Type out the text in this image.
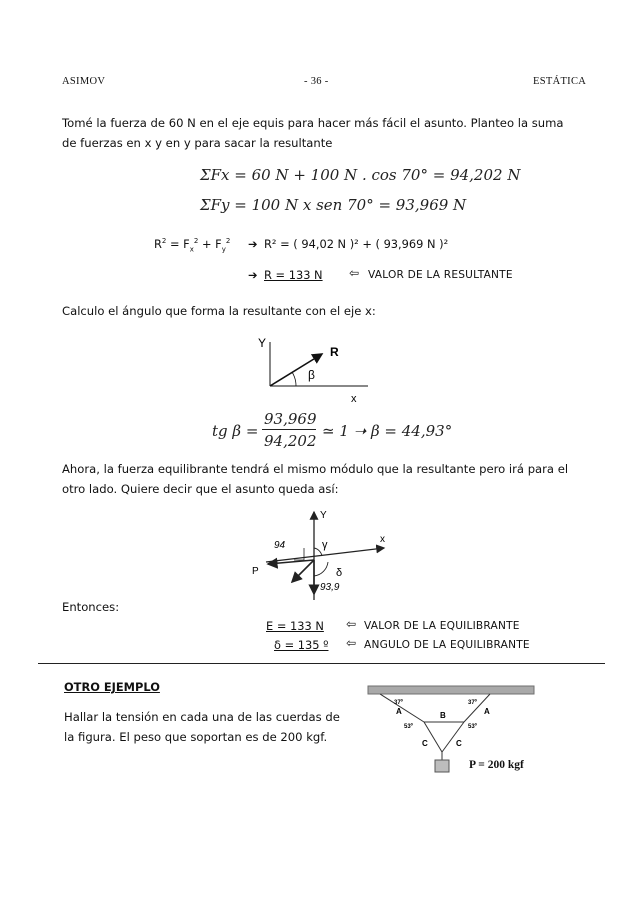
ASIMOV	- 36 -	ESTÁTICA
Tomé la fuerza de 60 N en el eje equis para hacer más fácil el asunto. Planteo la suma de fuerzas en x y en y para sacar la resultante
ΣFx = 60 N + 100 N . cos 70° = 94,202 N
ΣFy = 100 N x sen 70° = 93,969 N
$R^2 = F_x^2 + F_y^2$ ➔ R² = ( 94,02 N )² + ( 93,969 N )²
➔ R = 133 N ⇦ VALOR DE LA RESULTANTE
Calculo el ángulo que forma la resultante con el eje x:
Y
R
β
x
tg β =
93,969
94,202
≃ 1 ➝ β = 44,93°
Ahora, la fuerza equilibrante tendrá el mismo módulo que la resultante pero irá para el otro lado. Quiere decir que el asunto queda así:
Y
x
P
94
93,9
γ
δ
Entonces:
E = 133 N ⇦ VALOR DE LA EQUILIBRANTE
δ = 135 º ⇦ ANGULO DE LA EQUILIBRANTE
OTRO EJEMPLO
Hallar la tensión en cada una de las cuerdas de la figura. El peso que soportan es de 200 kgf.
37º	37º
A	A
B
53º	53º
C	C
P = 200 kgf
